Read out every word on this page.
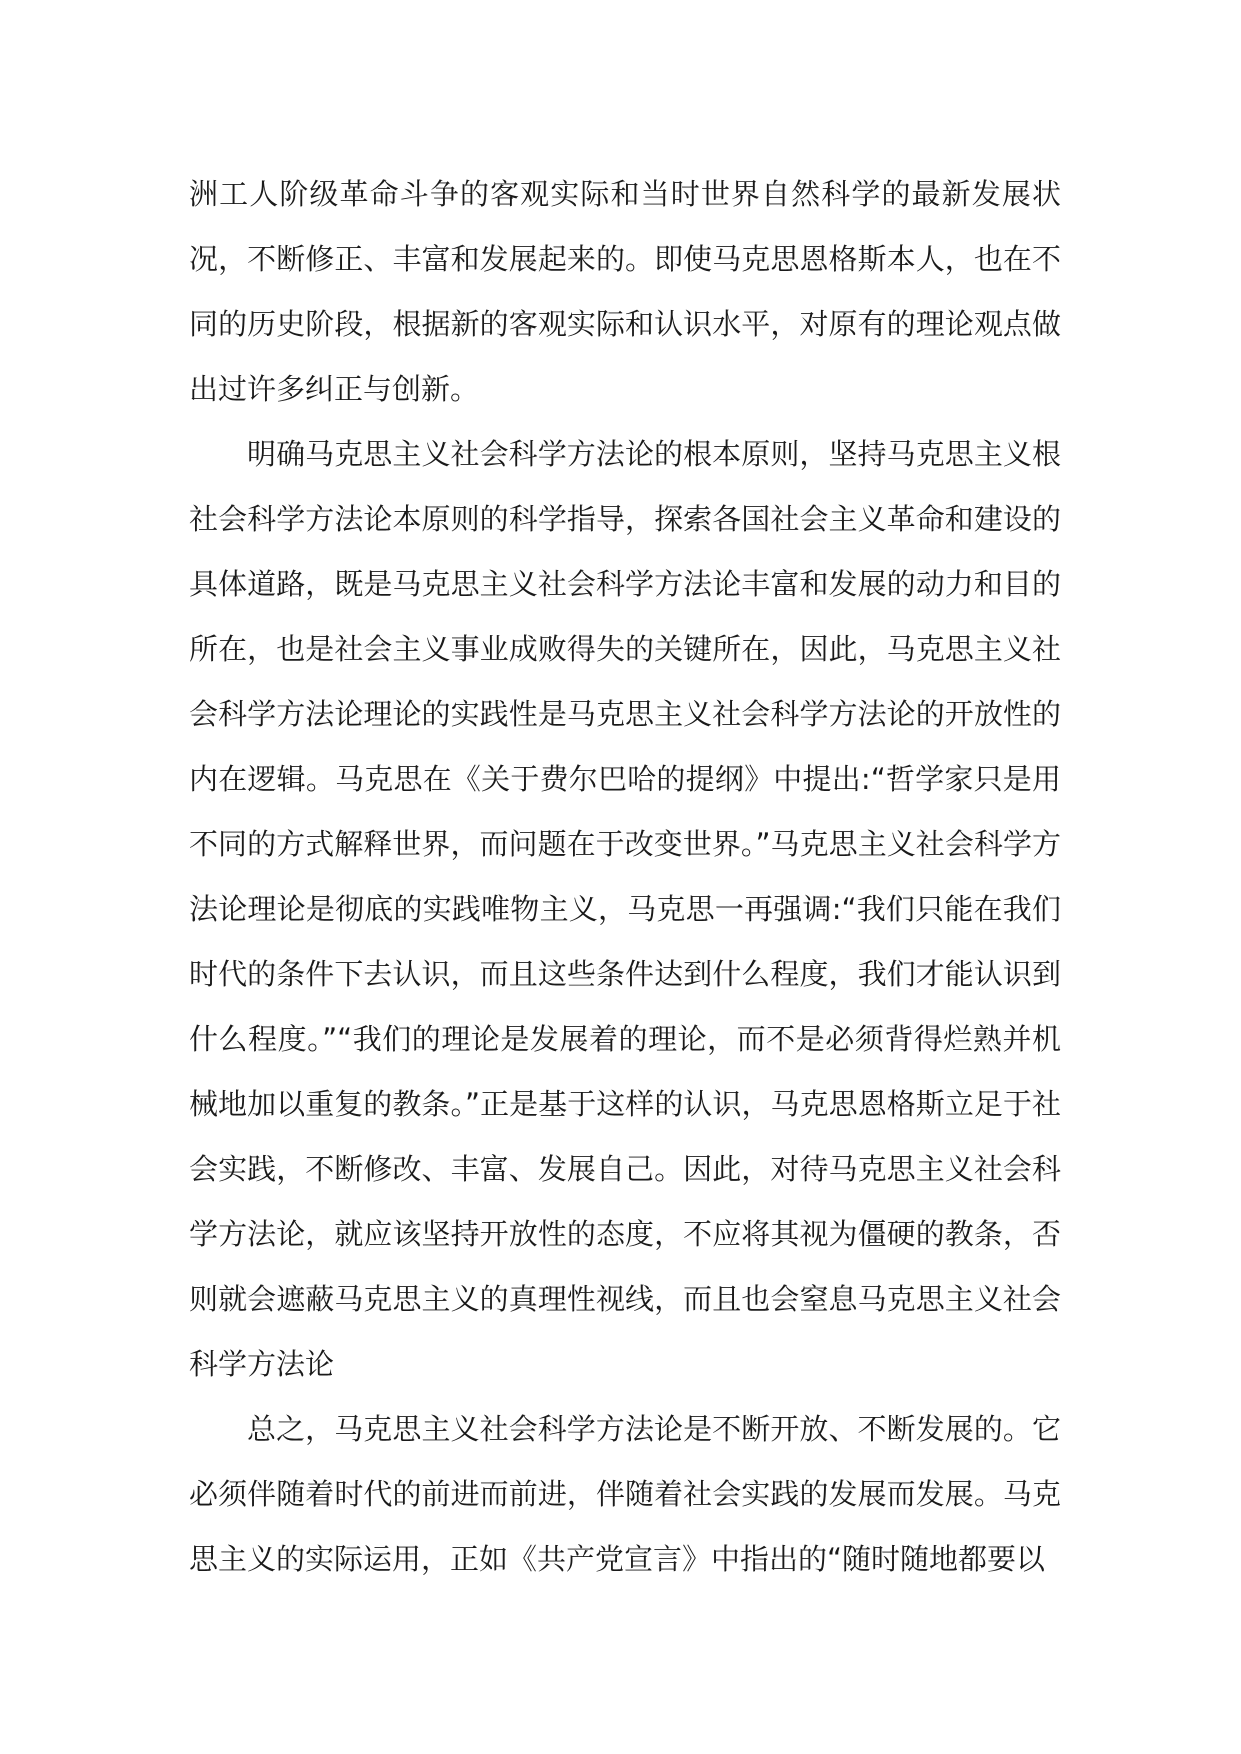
洲工人阶级革命斗争的客观实际和当时世界自然科学的最新发展状况，不断修正、丰富和发展起来的。即使马克思恩格斯本人，也在不同的历史阶段，根据新的客观实际和认识水平，对原有的理论观点做出过许多纠正与创新。

明确马克思主义社会科学方法论的根本原则，坚持马克思主义根社会科学方法论本原则的科学指导，探索各国社会主义革命和建设的具体道路，既是马克思主义社会科学方法论丰富和发展的动力和目的所在，也是社会主义事业成败得失的关键所在，因此，马克思主义社会科学方法论理论的实践性是马克思主义社会科学方法论的开放性的内在逻辑。马克思在《关于费尔巴哈的提纲》中提出:“哲学家只是用不同的方式解释世界，而问题在于改变世界。”马克思主义社会科学方法论理论是彻底的实践唯物主义，马克思一再强调:“我们只能在我们时代的条件下去认识，而且这些条件达到什么程度，我们才能认识到什么程度。”“我们的理论是发展着的理论，而不是必须背得烂熟并机械地加以重复的教条。”正是基于这样的认识，马克思恩格斯立足于社会实践，不断修改、丰富、发展自己。因此，对待马克思主义社会科学方法论，就应该坚持开放性的态度，不应将其视为僵硬的教条，否则就会遮蔽马克思主义的真理性视线，而且也会窒息马克思主义社会科学方法论

总之，马克思主义社会科学方法论是不断开放、不断发展的。它必须伴随着时代的前进而前进，伴随着社会实践的发展而发展。马克思主义的实际运用，正如《共产党宣言》中指出的“随时随地都要以
